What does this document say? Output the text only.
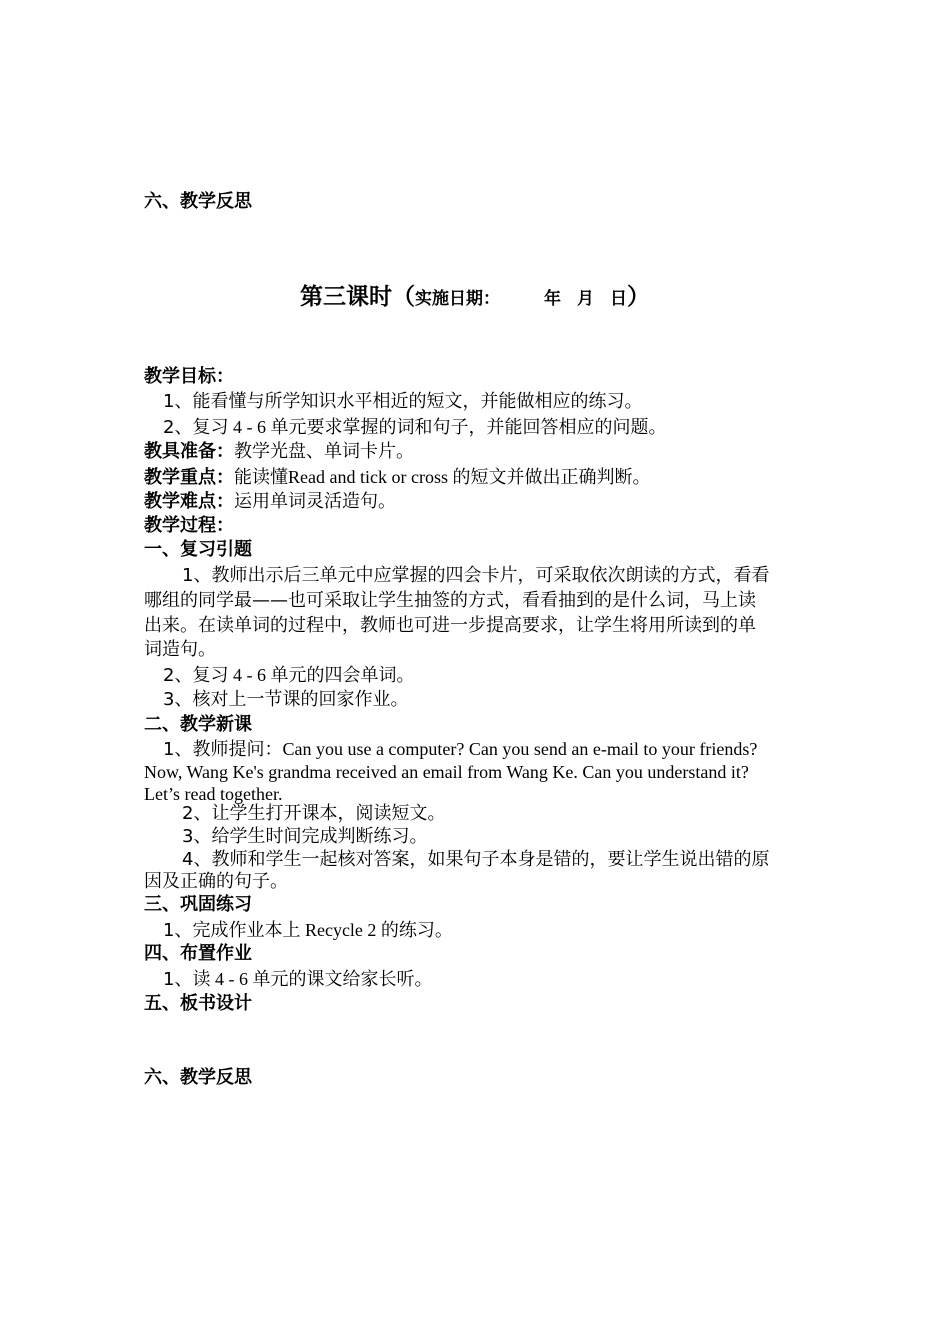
六、教学反思
第三课时（实施日期：	年 月 日）
教学目标：
1、能看懂与所学知识水平相近的短文，并能做相应的练习。
2、复习 4 - 6 单元要求掌握的词和句子，并能回答相应的问题。
教具准备：教学光盘、单词卡片。
教学重点：能读懂Read and tick or cross 的短文并做出正确判断。
教学难点：运用单词灵活造句。
教学过程：
一、复习引题
1、教师出示后三单元中应掌握的四会卡片，可采取依次朗读的方式，看看
哪组的同学最——也可采取让学生抽签的方式，看看抽到的是什么词，马上读
出来。在读单词的过程中，教师也可进一步提高要求，让学生将用所读到的单
词造句。
2、复习 4 - 6 单元的四会单词。
3、核对上一节课的回家作业。
二、教学新课
1、教师提问：Can you use a computer? Can you send an e-mail to your friends?
Now, Wang Ke's grandma received an email from Wang Ke. Can you understand it?
Let’s read together.
2、让学生打开课本，阅读短文。
3、给学生时间完成判断练习。
4、教师和学生一起核对答案，如果句子本身是错的，要让学生说出错的原
因及正确的句子。
三、巩固练习
1、完成作业本上 Recycle 2 的练习。
四、布置作业
1、读 4 - 6 单元的课文给家长听。
五、板书设计
六、教学反思
